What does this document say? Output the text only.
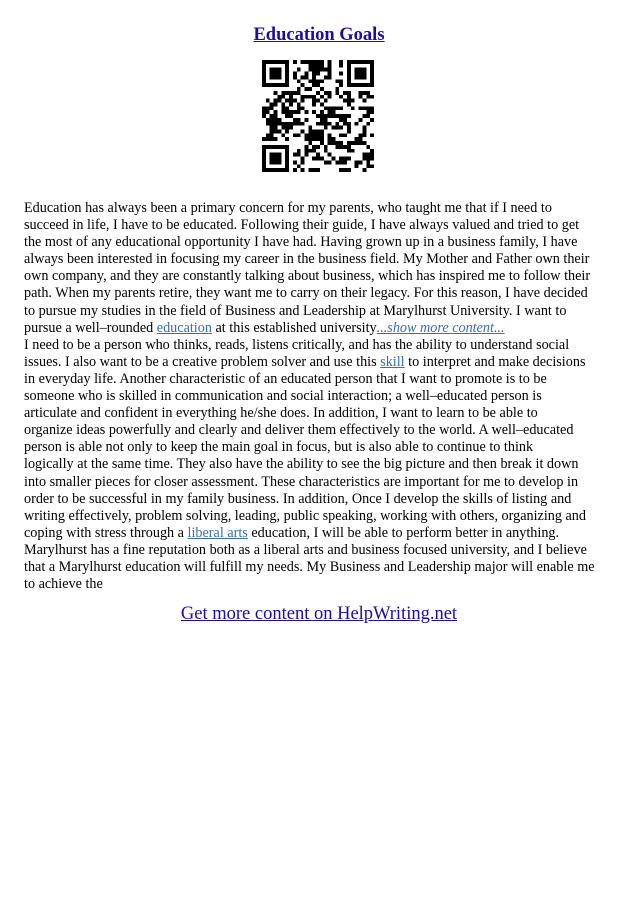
Education Goals
Education has always been a primary concern for my parents, who taught me that if I need to
succeed in life, I have to be educated. Following their guide, I have always valued and tried to get
the most of any educational opportunity I have had. Having grown up in a business family, I have
always been interested in focusing my career in the business field. My Mother and Father own their
own company, and they are constantly talking about business, which has inspired me to follow their
path. When my parents retire, they want me to carry on their legacy. For this reason, I have decided
to pursue my studies in the field of Business and Leadership at Marylhurst University. I want to
pursue a well–rounded education at this established university...show more content...
I need to be a person who thinks, reads, listens critically, and has the ability to understand social
issues. I also want to be a creative problem solver and use this skill to interpret and make decisions
in everyday life. Another characteristic of an educated person that I want to promote is to be
someone who is skilled in communication and social interaction; a well–educated person is
articulate and confident in everything he/she does. In addition, I want to learn to be able to
organize ideas powerfully and clearly and deliver them effectively to the world. A well–educated
person is able not only to keep the main goal in focus, but is also able to continue to think
logically at the same time. They also have the ability to see the big picture and then break it down
into smaller pieces for closer assessment. These characteristics are important for me to develop in
order to be successful in my family business. In addition, Once I develop the skills of listing and
writing effectively, problem solving, leading, public speaking, working with others, organizing and
coping with stress through a liberal arts education, I will be able to perform better in anything.
Marylhurst has a fine reputation both as a liberal arts and business focused university, and I believe
that a Marylhurst education will fulfill my needs. My Business and Leadership major will enable me
to achieve the
Get more content on HelpWriting.net
